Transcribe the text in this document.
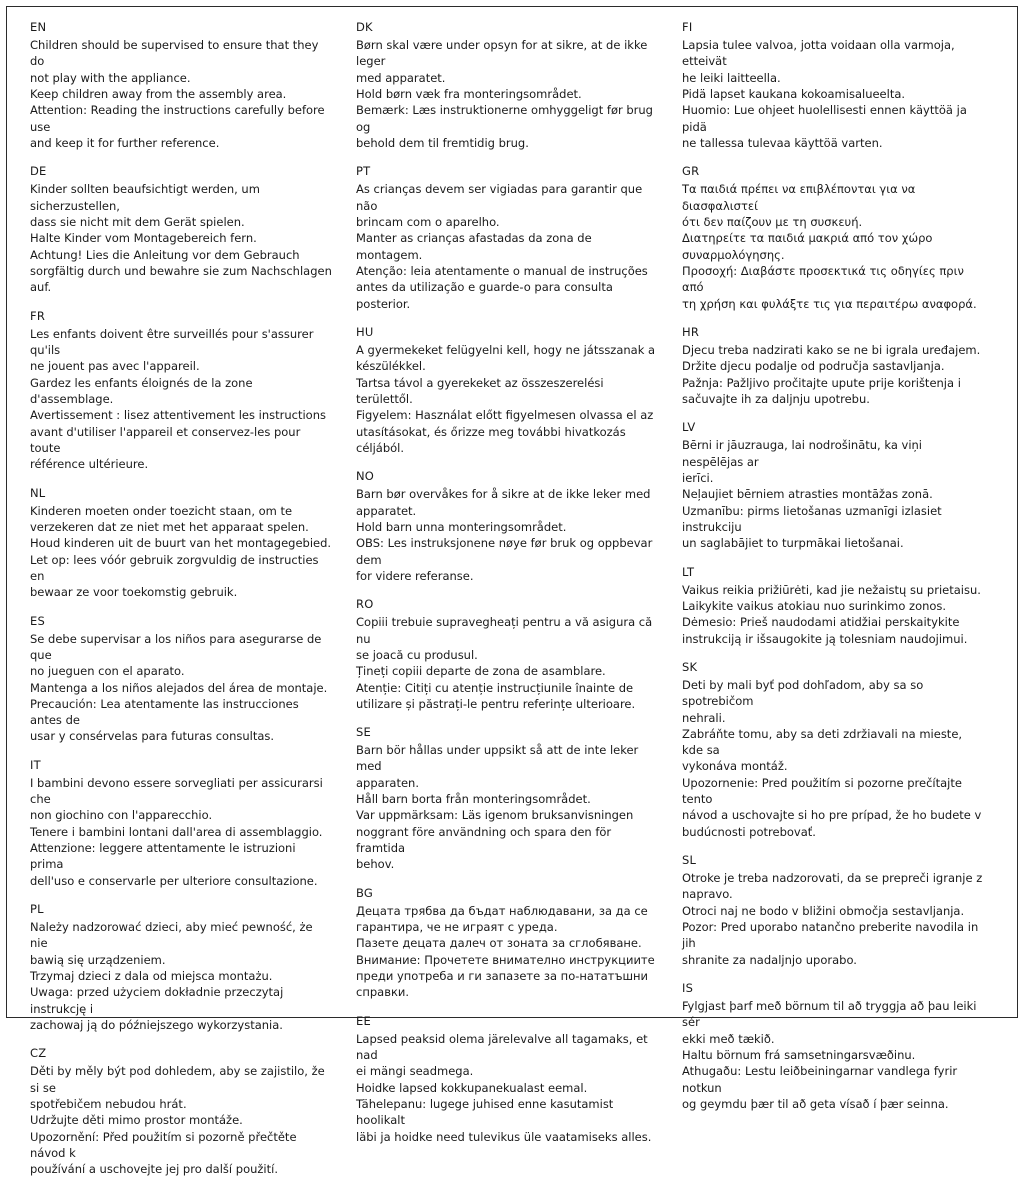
EN
Children should be supervised to ensure that they do
not play with the appliance.
Keep children away from the assembly area.
Attention: Reading the instructions carefully before use
and keep it for further reference.
DE
Kinder sollten beaufsichtigt werden, um sicherzustellen,
dass sie nicht mit dem Gerät spielen.
Halte Kinder vom Montagebereich fern.
Achtung! Lies die Anleitung vor dem Gebrauch
sorgfältig durch und bewahre sie zum Nachschlagen
auf.
FR
Les enfants doivent être surveillés pour s'assurer qu'ils
ne jouent pas avec l'appareil.
Gardez les enfants éloignés de la zone d'assemblage.
Avertissement : lisez attentivement les instructions
avant d'utiliser l'appareil et conservez-les pour toute
référence ultérieure.
NL
Kinderen moeten onder toezicht staan, om te
verzekeren dat ze niet met het apparaat spelen.
Houd kinderen uit de buurt van het montagegebied.
Let op: lees vóór gebruik zorgvuldig de instructies en
bewaar ze voor toekomstig gebruik.
ES
Se debe supervisar a los niños para asegurarse de que
no jueguen con el aparato.
Mantenga a los niños alejados del área de montaje.
Precaución: Lea atentamente las instrucciones antes de
usar y consérvelas para futuras consultas.
IT
I bambini devono essere sorvegliati per assicurarsi che
non giochino con l'apparecchio.
Tenere i bambini lontani dall'area di assemblaggio.
Attenzione: leggere attentamente le istruzioni prima
dell'uso e conservarle per ulteriore consultazione.
PL
Należy nadzorować dzieci, aby mieć pewność, że nie
bawią się urządzeniem.
Trzymaj dzieci z dala od miejsca montażu.
Uwaga: przed użyciem dokładnie przeczytaj instrukcję i
zachowaj ją do późniejszego wykorzystania.
CZ
Děti by měly být pod dohledem, aby se zajistilo, že si se
spotřebičem nebudou hrát.
Udržujte děti mimo prostor montáže.
Upozornění: Před použitím si pozorně přečtěte návod k
používání a uschovejte jej pro další použití.
DK
Børn skal være under opsyn for at sikre, at de ikke leger
med apparatet.
Hold børn væk fra monteringsområdet.
Bemærk: Læs instruktionerne omhyggeligt før brug og
behold dem til fremtidig brug.
PT
As crianças devem ser vigiadas para garantir que não
brincam com o aparelho.
Manter as crianças afastadas da zona de montagem.
Atenção: leia atentamente o manual de instruções
antes da utilização e guarde-o para consulta posterior.
HU
A gyermekeket felügyelni kell, hogy ne játsszanak a
készülékkel.
Tartsa távol a gyerekeket az összeszerelési területtől.
Figyelem: Használat előtt figyelmesen olvassa el az
utasításokat, és őrizze meg további hivatkozás céljából.
NO
Barn bør overvåkes for å sikre at de ikke leker med
apparatet.
Hold barn unna monteringsområdet.
OBS: Les instruksjonene nøye før bruk og oppbevar dem
for videre referanse.
RO
Copiii trebuie supravegheați pentru a vă asigura că nu
se joacă cu produsul.
Țineți copiii departe de zona de asamblare.
Atenție: Citiți cu atenție instrucțiunile înainte de
utilizare și păstrați-le pentru referințe ulterioare.
SE
Barn bör hållas under uppsikt så att de inte leker med
apparaten.
Håll barn borta från monteringsområdet.
Var uppmärksam: Läs igenom bruksanvisningen
noggrant före användning och spara den för framtida
behov.
BG
Децата трябва да бъдат наблюдавани, за да се
гарантира, че не играят с уреда.
Пазете децата далеч от зоната за сглобяване.
Внимание: Прочетете внимателно инструкциите
преди употреба и ги запазете за по-нататъшни
справки.
EE
Lapsed peaksid olema järelevalve all tagamaks, et nad
ei mängi seadmega.
Hoidke lapsed kokkupanekualast eemal.
Tähelepanu: lugege juhised enne kasutamist hoolikalt
läbi ja hoidke need tulevikus üle vaatamiseks alles.
FI
Lapsia tulee valvoa, jotta voidaan olla varmoja, etteivät
he leiki laitteella.
Pidä lapset kaukana kokoamisalueelta.
Huomio: Lue ohjeet huolellisesti ennen käyttöä ja pidä
ne tallessa tulevaa käyttöä varten.
GR
Τα παιδιά πρέπει να επιβλέπονται για να διασφαλιστεί
ότι δεν παίζουν με τη συσκευή.
Διατηρείτε τα παιδιά μακριά από τον χώρο
συναρμολόγησης.
Προσοχή: Διαβάστε προσεκτικά τις οδηγίες πριν από
τη χρήση και φυλάξτε τις για περαιτέρω αναφορά.
HR
Djecu treba nadzirati kako se ne bi igrala uređajem.
Držite djecu podalje od područja sastavljanja.
Pažnja: Pažljivo pročitajte upute prije korištenja i
sačuvajte ih za daljnju upotrebu.
LV
Bērni ir jāuzrauga, lai nodrošinātu, ka viņi nespēlējas ar
ierīci.
Neļaujiet bērniem atrasties montāžas zonā.
Uzmanību: pirms lietošanas uzmanīgi izlasiet instrukciju
un saglabājiet to turpmākai lietošanai.
LT
Vaikus reikia prižiūrėti, kad jie nežaistų su prietaisu.
Laikykite vaikus atokiau nuo surinkimo zonos.
Dėmesio: Prieš naudodami atidžiai perskaitykite
instrukciją ir išsaugokite ją tolesniam naudojimui.
SK
Deti by mali byť pod dohľadom, aby sa so spotrebičom
nehrali.
Zabráňte tomu, aby sa deti zdržiavali na mieste, kde sa
vykonáva montáž.
Upozornenie: Pred použitím si pozorne prečítajte tento
návod a uschovajte si ho pre prípad, že ho budete v
budúcnosti potrebovať.
SL
Otroke je treba nadzorovati, da se prepreči igranje z
napravo.
Otroci naj ne bodo v bližini območja sestavljanja.
Pozor: Pred uporabo natančno preberite navodila in jih
shranite za nadaljnjo uporabo.
IS
Fylgjast þarf með börnum til að tryggja að þau leiki sér
ekki með tækið.
Haltu börnum frá samsetningarsvæðinu.
Athugaðu: Lestu leiðbeiningarnar vandlega fyrir notkun
og geymdu þær til að geta vísað í þær seinna.
